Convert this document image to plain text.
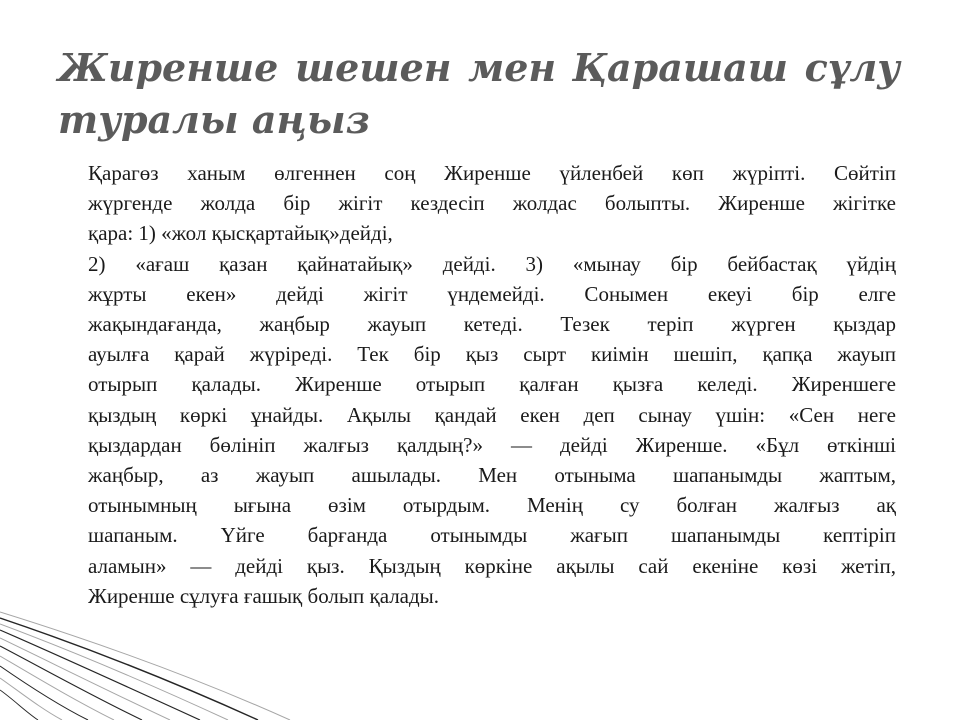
Жиренше шешен мен Қарашаш сұлу туралы аңыз

Қарагөз ханым өлгеннен соң Жиренше үйленбей көп жүріпті. Сөйтіп
жүргенде жолда бір жігіт кездесіп жолдас болыпты. Жиренше жігітке
қара: 1) «жол қысқартайық»дейді,

2) «ағаш қазан қайнатайық» дейді. 3) «мынау бір бейбастақ үйдің
жұрты екен» дейді жігіт үндемейді. Сонымен екеуі бір елге
жақындағанда, жаңбыр жауып кетеді. Тезек теріп жүрген қыздар
ауылға қарай жүріреді. Тек бір қыз сырт киімін шешіп, қапқа жауып
отырып қалады. Жиренше отырып қалған қызға келеді. Жиреншеге
қыздың көркі ұнайды. Ақылы қандай екен деп сынау үшін: «Сен неге
қыздардан бөлініп жалғыз қалдың?» — дейді Жиренше. «Бұл өткінші
жаңбыр, аз жауып ашылады. Мен отыныма шапанымды жаптым,
отынымның ығына өзім отырдым. Менің су болған жалғыз ақ
шапаным. Үйге барғанда отынымды жағып шапанымды кептіріп
аламын» — дейді қыз. Қыздың көркіне ақылы сай екеніне көзі жетіп,
Жиренше сұлуға ғашық болып қалады.
